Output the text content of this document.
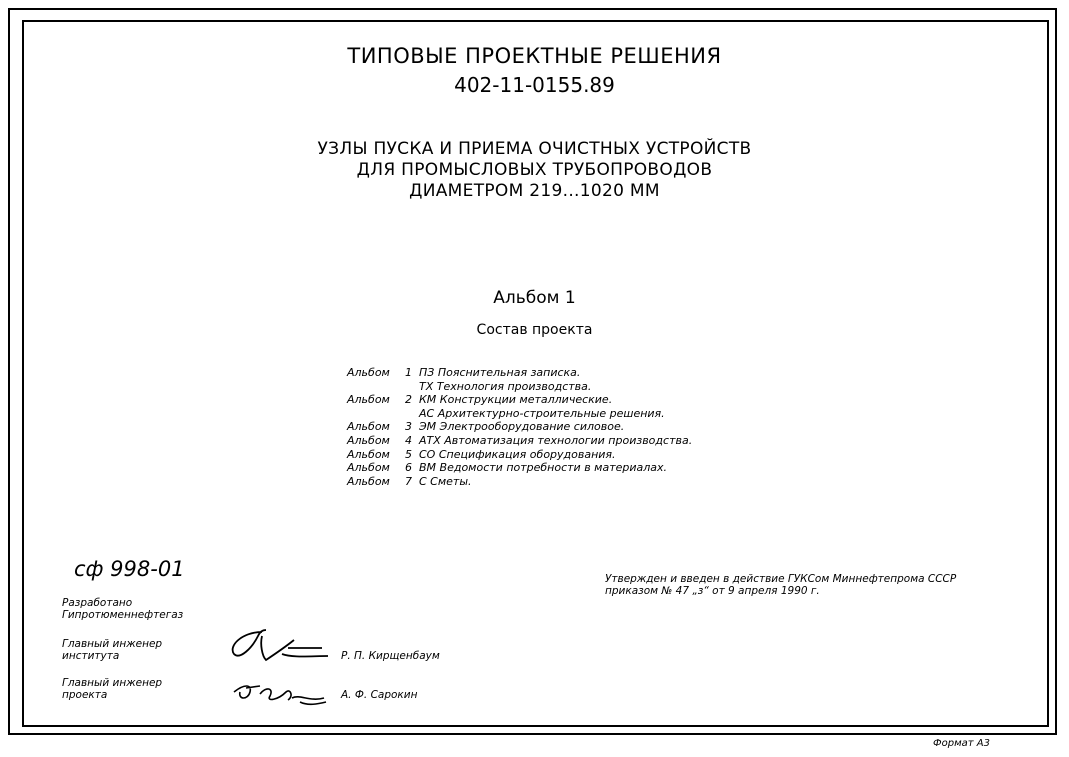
ТИПОВЫЕ ПРОЕКТНЫЕ РЕШЕНИЯ
402-11-0155.89
УЗЛЫ ПУСКА И ПРИЕМА ОЧИСТНЫХ УСТРОЙСТВ
ДЛЯ ПРОМЫСЛОВЫХ ТРУБОПРОВОДОВ
ДИАМЕТРОМ 219...1020 ММ
Альбом 1
Состав проекта
Альбом	1 ПЗ Пояснительная записка.
ТХ Технология производства.
Альбом	2 КМ Конструкции металлические.
АС Архитектурно-строительные решения.
Альбом	3 ЭМ Электрооборудование силовое.
Альбом	4 АТХ Автоматизация технологии производства.
Альбом	5 СО Спецификация оборудования.
Альбом	6 ВМ Ведомости потребности в материалах.
Альбом	7 С Сметы.
сф 998-01
Разработано
Гипротюменнефтегаз
Главный инженер
института	Р. П. Кирщенбаум
Главный инженер
проекта	А. Ф. Сарокин
Утвержден и введен в действие ГУКСом Миннефтепрома СССР
приказом № 47 „з“ от 9 апреля 1990 г.
Формат А3
